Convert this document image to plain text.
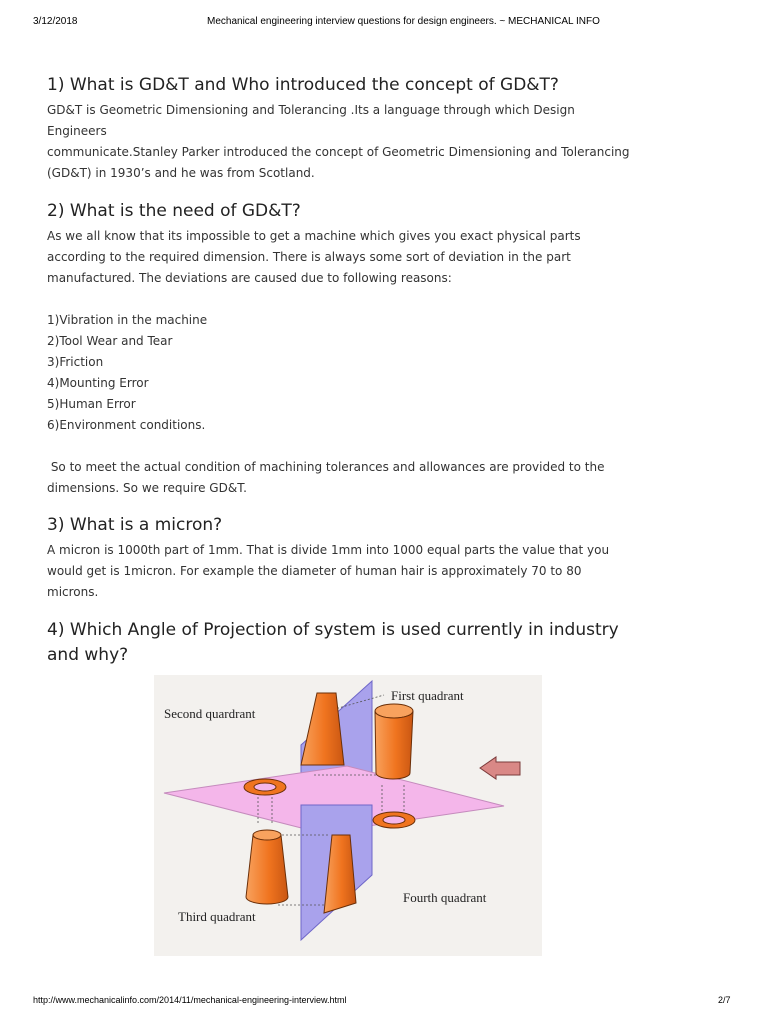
3/12/2018	Mechanical engineering interview questions for design engineers. ~ MECHANICAL INFO
1) What is GD&T and Who introduced the concept of GD&T?

GD&T is Geometric Dimensioning and Tolerancing .Its a language through which Design

Engineers

communicate.Stanley Parker introduced the concept of Geometric Dimensioning and Tolerancing

(GD&T) in 1930’s and he was from Scotland.

2) What is the need of GD&T?

As we all know that its impossible to get a machine which gives you exact physical parts

according to the required dimension. There is always some sort of deviation in the part

manufactured. The deviations are caused due to following reasons:

1)Vibration in the machine

2)Tool Wear and Tear

3)Friction

4)Mounting Error

5)Human Error

6)Environment conditions.

So to meet the actual condition of machining tolerances and allowances are provided to the

dimensions. So we require GD&T.

3) What is a micron?

A micron is 1000th part of 1mm. That is divide 1mm into 1000 equal parts the value that you

would get is 1micron. For example the diameter of human hair is approximately 70 to 80

microns.

4) Which Angle of Projection of system is used currently in industry
and why?
Second quardrant
First quadrant
Third quadrant
Fourth quadrant
http://www.mechanicalinfo.com/2014/11/mechanical-engineering-interview.html	2/7
